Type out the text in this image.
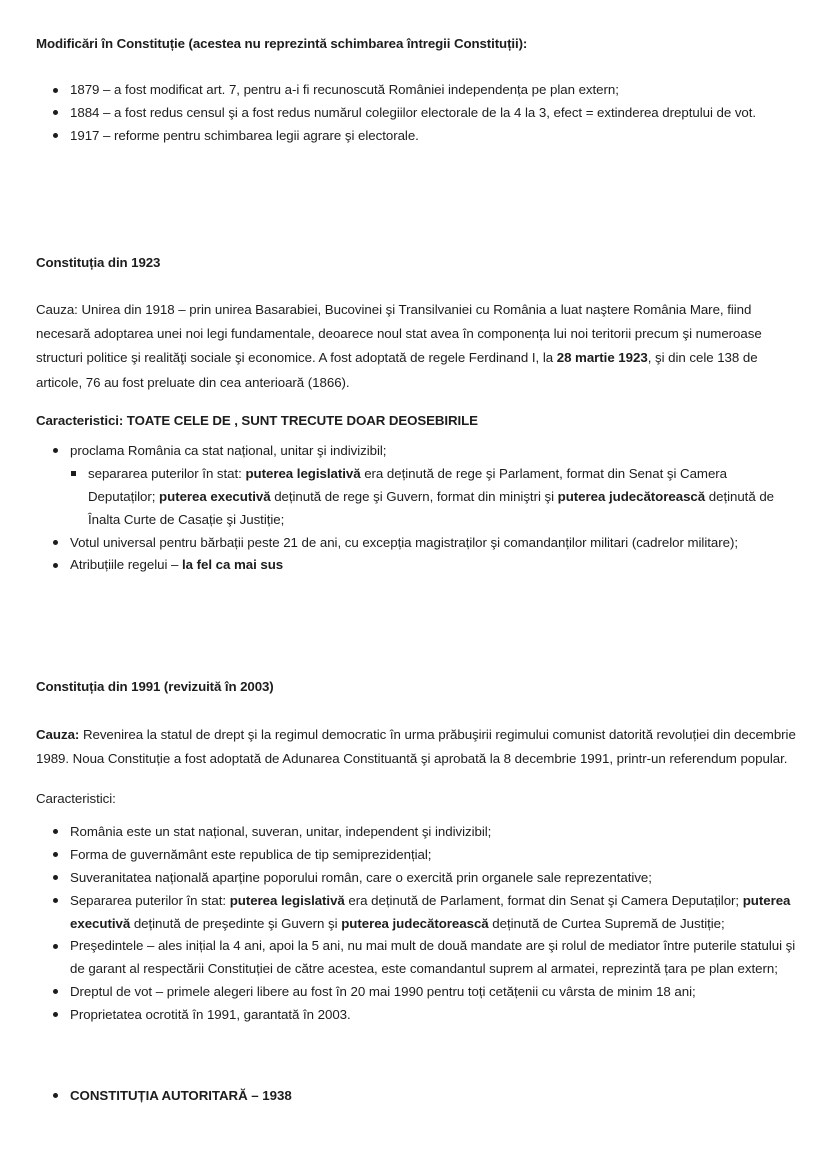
Modificări în Constituție (acestea nu reprezintă schimbarea întregii Constituții):

1879 – a fost modificat art. 7, pentru a-i fi recunoscută României independența pe plan extern;
1884 – a fost redus censul şi a fost redus numărul colegiilor electorale de la 4 la 3, efect = extinderea dreptului de vot.
1917 – reforme pentru schimbarea legii agrare şi electorale.

Constituția din 1923

Cauza: Unirea din 1918 – prin unirea Basarabiei, Bucovinei şi Transilvaniei cu România a luat naştere România Mare, fiind necesară adoptarea unei noi legi fundamentale, deoarece noul stat avea în componența lui noi teritorii precum şi numeroase structuri politice şi realităţi sociale şi economice. A fost adoptată de regele Ferdinand I, la 28 martie 1923, şi din cele 138 de articole, 76 au fost preluate din cea anterioară (1866).

Caracteristici: TOATE CELE DE , SUNT TRECUTE DOAR DEOSEBIRILE

proclama România ca stat național, unitar şi indivizibil;
separarea puterilor în stat: puterea legislativă era deținută de rege şi Parlament, format din Senat şi Camera Deputaților; puterea executivă deținută de rege şi Guvern, format din miniştri şi puterea judecătorească deținută de Înalta Curte de Casație şi Justiție;
Votul universal pentru bărbații peste 21 de ani, cu excepția magistraților şi comandanților militari (cadrelor militare);
Atribuțiile regelui – la fel ca mai sus

Constituția din 1991 (revizuită în 2003)

Cauza: Revenirea la statul de drept şi la regimul democratic în urma prăbuşirii regimului comunist datorită revoluției din decembrie 1989. Noua Constituție a fost adoptată de Adunarea Constituantă şi aprobată la 8 decembrie 1991, printr-un referendum popular.

Caracteristici:

România este un stat național, suveran, unitar, independent şi indivizibil;
Forma de guvernământ este republica de tip semiprezidențial;
Suveranitatea națională aparține poporului român, care o exercită prin organele sale reprezentative;
Separarea puterilor în stat: puterea legislativă era deținută de Parlament, format din Senat şi Camera Deputaților; puterea executivă deținută de preşedinte şi Guvern şi puterea judecătorească deținută de Curtea Supremă de Justiție;
Preşedintele – ales inițial la 4 ani, apoi la 5 ani, nu mai mult de două mandate are şi rolul de mediator între puterile statului şi de garant al respectării Constituției de către acestea, este comandantul suprem al armatei, reprezintă țara pe plan extern;
Dreptul de vot – primele alegeri libere au fost în 20 mai 1990 pentru toți cetățenii cu vârsta de minim 18 ani;
Proprietatea ocrotită în 1991, garantată în 2003.
CONSTITUȚIA AUTORITARĂ – 1938
